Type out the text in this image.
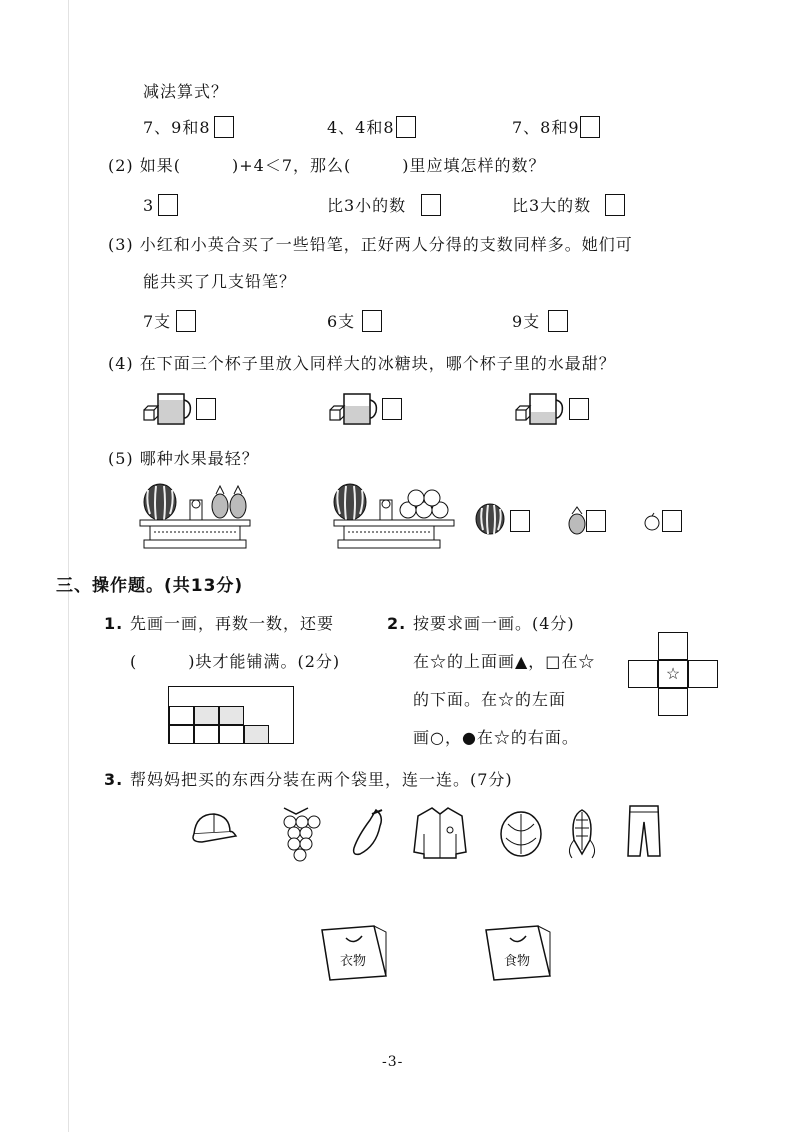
减法算式？
7、9和8	4、4和8	7、8和9
(2) 如果(　　　)+4＜7，那么(　　　)里应填怎样的数？
3	比3小的数	比3大的数
(3) 小红和小英合买了一些铅笔，正好两人分得的支数同样多。她们可
能共买了几支铅笔？
7支	6支	9支
(4) 在下面三个杯子里放入同样大的冰糖块，哪个杯子里的水最甜？
(5) 哪种水果最轻？
三、操作题。(共13分)
1. 先画一画，再数一数，还要
(　　　)块才能铺满。(2分)
2. 按要求画一画。(4分)
在☆的上面画▲，□在☆
的下面。在☆的左面
画○，●在☆的右面。
☆
3. 帮妈妈把买的东西分装在两个袋里，连一连。(7分)
衣物	食物
-3-
